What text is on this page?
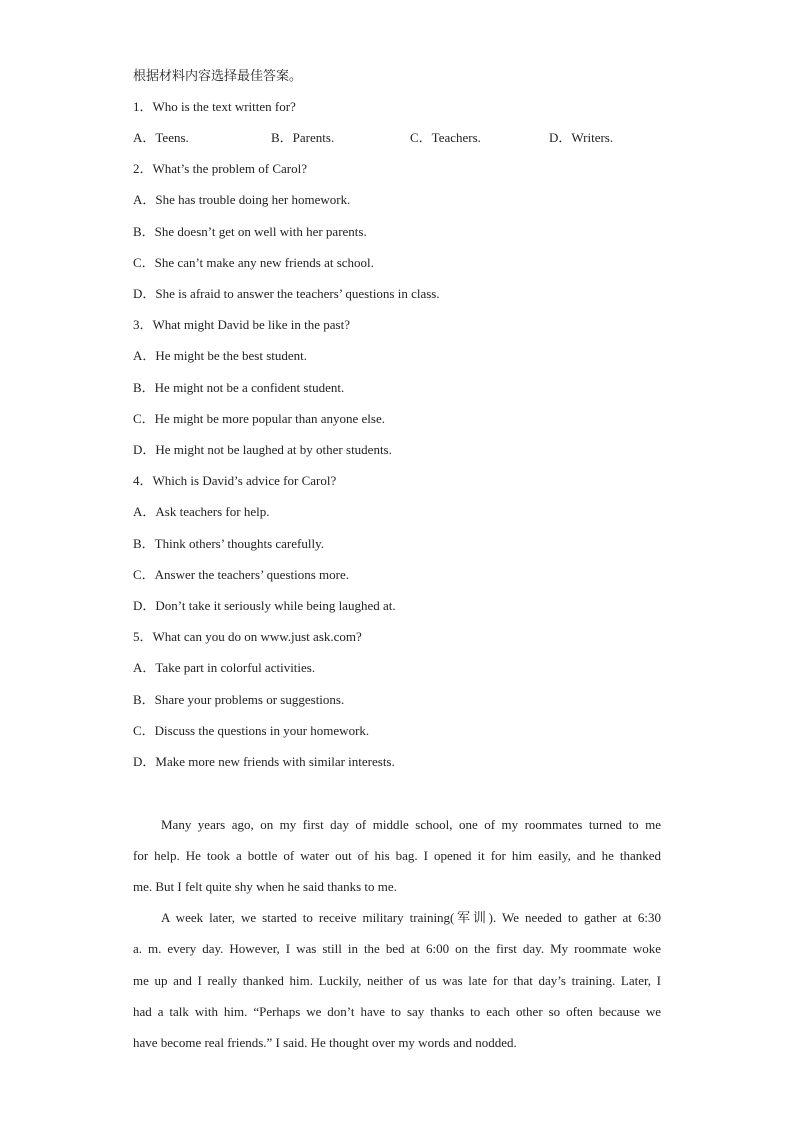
根据材料内容选择最佳答案。
1．Who is the text written for?
A．Teens.	B．Parents.	C．Teachers.	D．Writers.
2．What’s the problem of Carol?
A．She has trouble doing her homework.
B．She doesn’t get on well with her parents.
C．She can’t make any new friends at school.
D．She is afraid to answer the teachers’ questions in class.
3．What might David be like in the past?
A．He might be the best student.
B．He might not be a confident student.
C．He might be more popular than anyone else.
D．He might not be laughed at by other students.
4．Which is David’s advice for Carol?
A．Ask teachers for help.
B．Think others’ thoughts carefully.
C．Answer the teachers’ questions more.
D．Don’t take it seriously while being laughed at.
5．What can you do on www.just ask.com?
A．Take part in colorful activities.
B．Share your problems or suggestions.
C．Discuss the questions in your homework.
D．Make more new friends with similar interests.
Many years ago, on my first day of middle school, one of my roommates turned to me
for help. He took a bottle of water out of his bag. I opened it for him easily, and he thanked
me. But I felt quite shy when he said thanks to me.
A week later, we started to receive military training(军训). We needed to gather at 6:30
a. m. every day. However, I was still in the bed at 6:00 on the first day. My roommate woke
me up and I really thanked him. Luckily, neither of us was late for that day’s training. Later, I
had a talk with him. “Perhaps we don’t have to say thanks to each other so often because we
have become real friends.” I said. He thought over my words and nodded.
